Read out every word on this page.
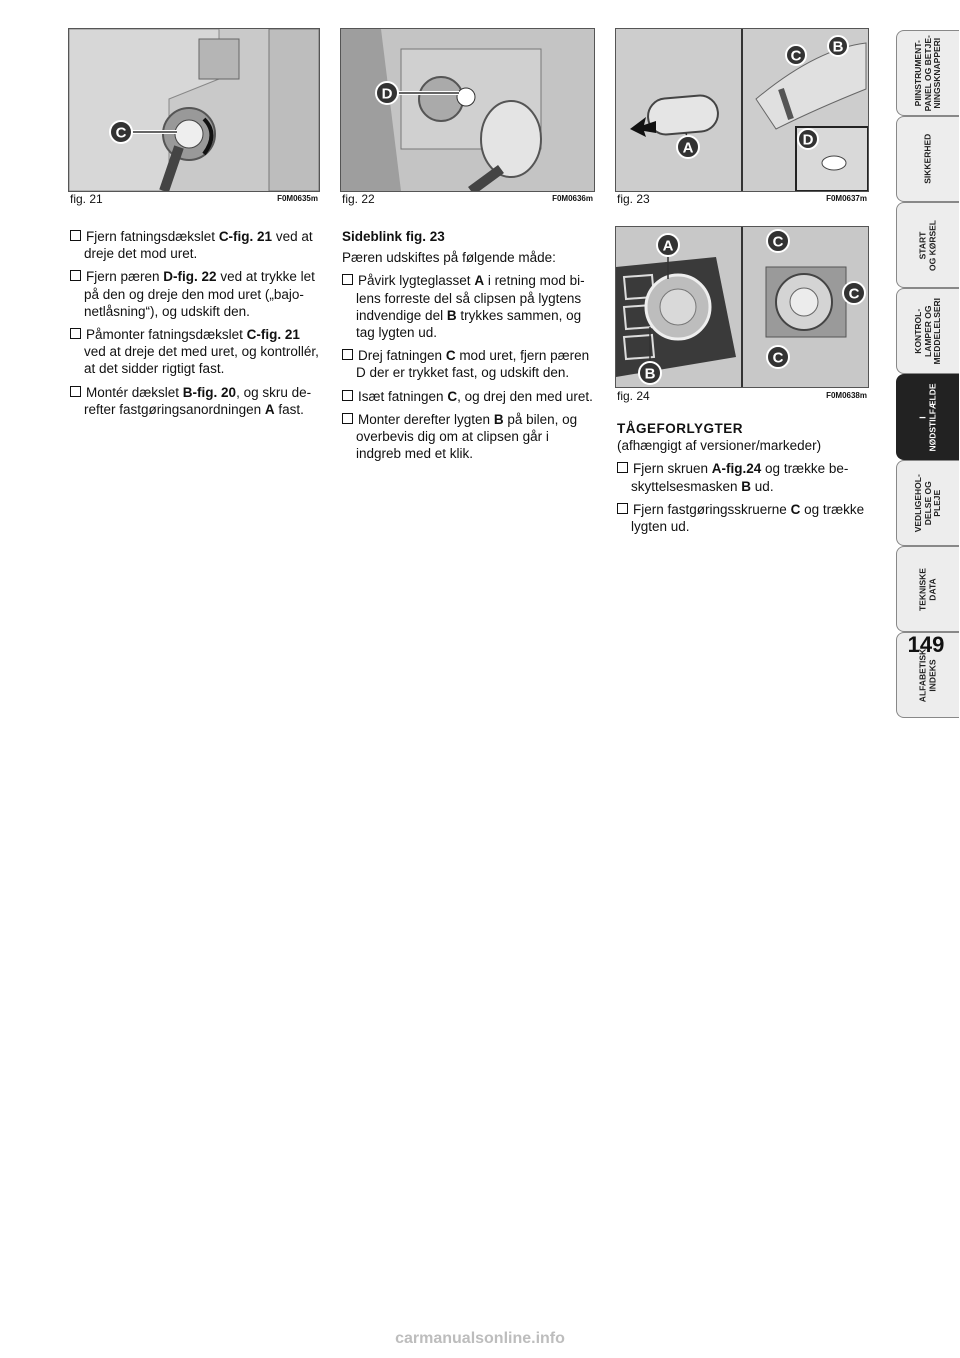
C
fig. 21	F0M0635m
D
fig. 22	F0M0636m
A
C
B
D
fig. 23	F0M0637m
A
B
C
C
C
fig. 24	F0M0638m
Fjern fatningsdækslet C-fig. 21 ved at dreje det mod uret.
Fjern pæren D-fig. 22 ved at trykke let på den og dreje den mod uret („bajo-netlåsning“), og udskift den.
Påmonter fatningsdækslet C-fig. 21 ved at dreje det med uret, og kontrollér, at det sidder rigtigt fast.
Montér dækslet B-fig. 20, og skru de-refter fastgøringsanordningen A fast.
Sideblink fig. 23
Pæren udskiftes på følgende måde:
Påvirk lygteglasset A i retning mod bi-lens forreste del så clipsen på lygtens indvendige del B trykkes sammen, og tag lygten ud.
Drej fatningen C mod uret, fjern pæren D der er trykket fast, og udskift den.
Isæt fatningen C, og drej den med uret.
Monter derefter lygten B på bilen, og overbevis dig om at clipsen går i indgreb med et klik.
TÅGEFORLYGTER
(afhængigt af versioner/markeder)
Fjern skruen A-fig.24 og trække be-skyttelsesmasken B ud.
Fjern fastgøringsskruerne C og trække lygten ud.
PIINSTRUMENT-
PANEL OG BETJE-
NINGSKNAPPERI
SIKKERHED
START
OG KØRSEL
KONTROL-
LAMPER OG
MEDDELELSERI
I
NØDSTILFÆLDE
VEDLIGEHOL-
DELSE OG
PLEJE
TEKNISKE
DATA
ALFABETISK
INDEKS
149
carmanualsonline.info
